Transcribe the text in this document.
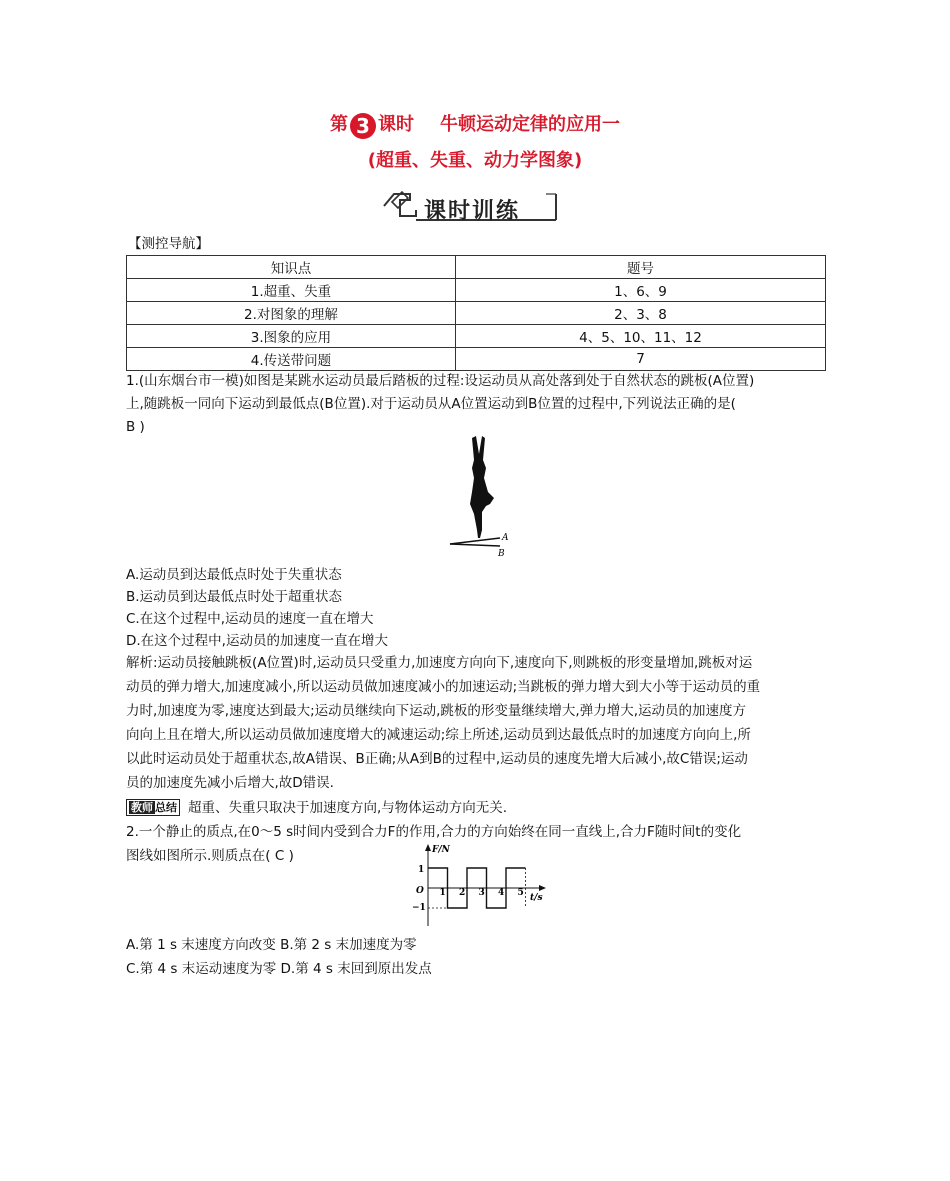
第 3 课时 牛顿运动定律的应用一
(超重、失重、动力学图象)
课时训练
【测控导航】
知识点	题号
1.超重、失重	1、6、9
2.对图象的理解	2、3、8
3.图象的应用	4、5、10、11、12
4.传送带问题	7
1.(山东烟台市一模)如图是某跳水运动员最后踏板的过程:设运动员从高处落到处于自然状态的跳板(A位置)
上,随跳板一同向下运动到最低点(B位置).对于运动员从A位置运动到B位置的过程中,下列说法正确的是(
B )
A
B
A.运动员到达最低点时处于失重状态
B.运动员到达最低点时处于超重状态
C.在这个过程中,运动员的速度一直在增大
D.在这个过程中,运动员的加速度一直在增大
解析:运动员接触跳板(A位置)时,运动员只受重力,加速度方向向下,速度向下,则跳板的形变量增加,跳板对运
动员的弹力增大,加速度减小,所以运动员做加速度减小的加速运动;当跳板的弹力增大到大小等于运动员的重
力时,加速度为零,速度达到最大;运动员继续向下运动,跳板的形变量继续增大,弹力增大,运动员的加速度方
向向上且在增大,所以运动员做加速度增大的减速运动;综上所述,运动员到达最低点时的加速度方向向上,所
以此时运动员处于超重状态,故A错误、B正确;从A到B的过程中,运动员的速度先增大后减小,故C错误;运动
员的加速度先减小后增大,故D错误.
教师 总结 超重、失重只取决于加速度方向,与物体运动方向无关.
2.一个静止的质点,在0～5 s时间内受到合力F的作用,合力的方向始终在同一直线上,合力F随时间t的变化
图线如图所示.则质点在( C )	F/N
t/s
O
1
−1
1 2 3 4 5
A.第 1 s 末速度方向改变 B.第 2 s 末加速度为零
C.第 4 s 末运动速度为零 D.第 4 s 末回到原出发点
